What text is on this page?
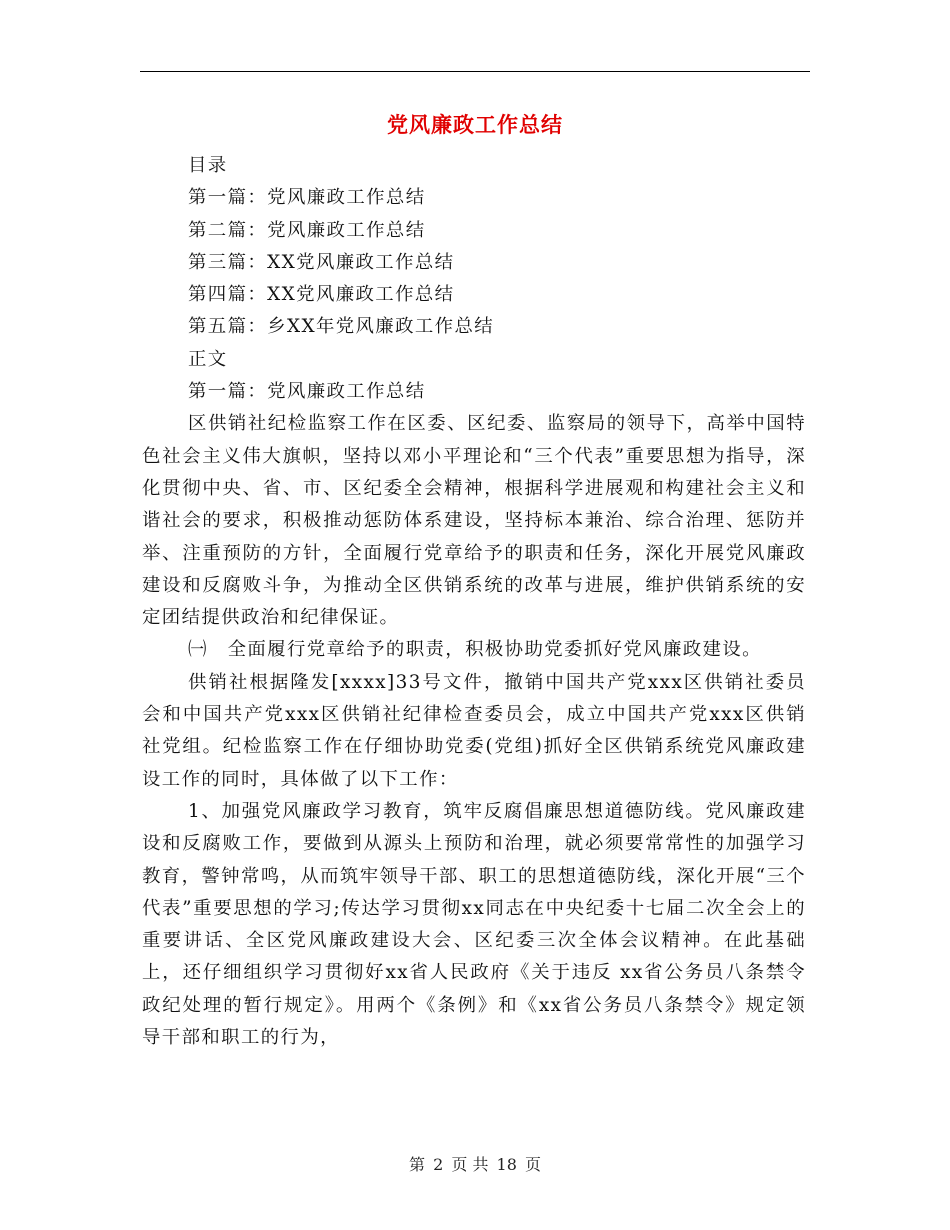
党风廉政工作总结

目录

第一篇：党风廉政工作总结

第二篇：党风廉政工作总结

第三篇：XX党风廉政工作总结

第四篇：XX党风廉政工作总结

第五篇：乡XX年党风廉政工作总结

正文

第一篇：党风廉政工作总结

区供销社纪检监察工作在区委、区纪委、监察局的领导下，高举中国特色社会主义伟大旗帜，坚持以邓小平理论和“三个代表”重要思想为指导，深化贯彻中央、省、市、区纪委全会精神，根据科学进展观和构建社会主义和谐社会的要求，积极推动惩防体系建设，坚持标本兼治、综合治理、惩防并举、注重预防的方针，全面履行党章给予的职责和任务，深化开展党风廉政建设和反腐败斗争，为推动全区供销系统的改革与进展，维护供销系统的安定团结提供政治和纪律保证。

㈠　全面履行党章给予的职责，积极协助党委抓好党风廉政建设。

供销社根据隆发[xxxx]33号文件，撤销中国共产党xxx区供销社委员会和中国共产党xxx区供销社纪律检查委员会，成立中国共产党xxx区供销社党组。纪检监察工作在仔细协助党委(党组)抓好全区供销系统党风廉政建设工作的同时，具体做了以下工作：

1、加强党风廉政学习教育，筑牢反腐倡廉思想道德防线。党风廉政建设和反腐败工作，要做到从源头上预防和治理，就必须要常常性的加强学习教育，警钟常鸣，从而筑牢领导干部、职工的思想道德防线，深化开展“三个代表”重要思想的学习;传达学习贯彻xx同志在中央纪委十七届二次全会上的重要讲话、全区党风廉政建设大会、区纪委三次全体会议精神。在此基础上，还仔细组织学习贯彻好xx省人民政府《关于违反 xx省公务员八条禁令政纪处理的暂行规定》。用两个《条例》和《xx省公务员八条禁令》规定领导干部和职工的行为，

第 2 页 共 18 页
